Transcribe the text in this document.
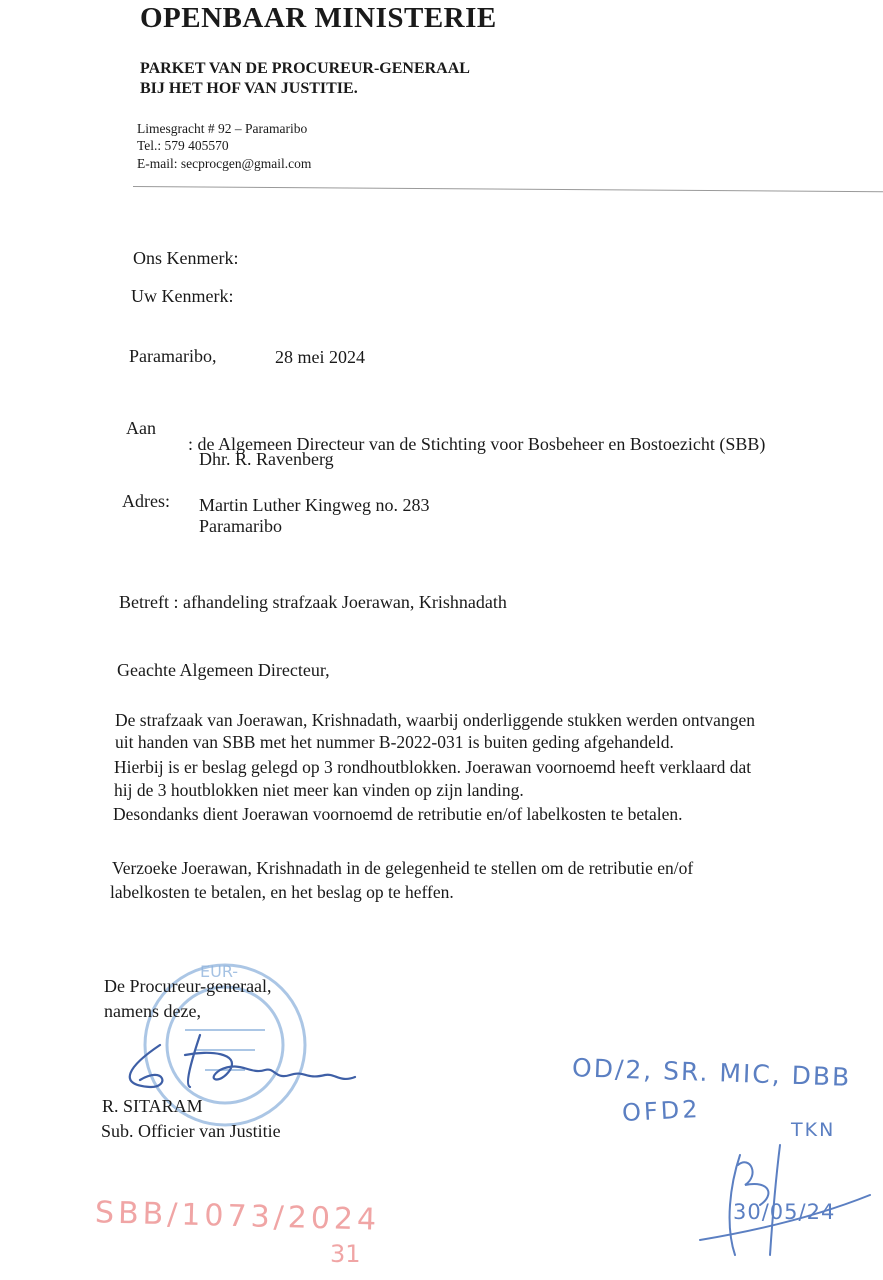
OPENBAAR MINISTERIE
PARKET VAN DE PROCUREUR-GENERAAL
BIJ HET HOF VAN JUSTITIE.
Limesgracht # 92 – Paramaribo
Tel.: 579 405570
E-mail: secprocgen@gmail.com
Ons Kenmerk:
Uw Kenmerk:
Paramaribo,	28 mei 2024
Aan
: de Algemeen Directeur van de Stichting voor Bosbeheer en Bostoezicht (SBB)
Dhr. R. Ravenberg
Adres: Martin Luther Kingweg no. 283
Paramaribo
Betreft : afhandeling strafzaak Joerawan, Krishnadath
Geachte Algemeen Directeur,
De strafzaak van Joerawan, Krishnadath, waarbij onderliggende stukken werden ontvangen
uit handen van SBB met het nummer B-2022-031 is buiten geding afgehandeld.
Hierbij is er beslag gelegd op 3 rondhoutblokken. Joerawan voornoemd heeft verklaard dat
hij de 3 houtblokken niet meer kan vinden op zijn landing.
Desondanks dient Joerawan voornoemd de retributie en/of labelkosten te betalen.
Verzoeke Joerawan, Krishnadath in de gelegenheid te stellen om de retributie en/of
labelkosten te betalen, en het beslag op te heffen.
EUR-
De Procureur-generaal,
namens deze,
R. SITARAM
Sub. Officier van Justitie
OD/2, SR. MIC, DBB
OFD2
TKN
30/05/24
SBB/1073/2024
31
